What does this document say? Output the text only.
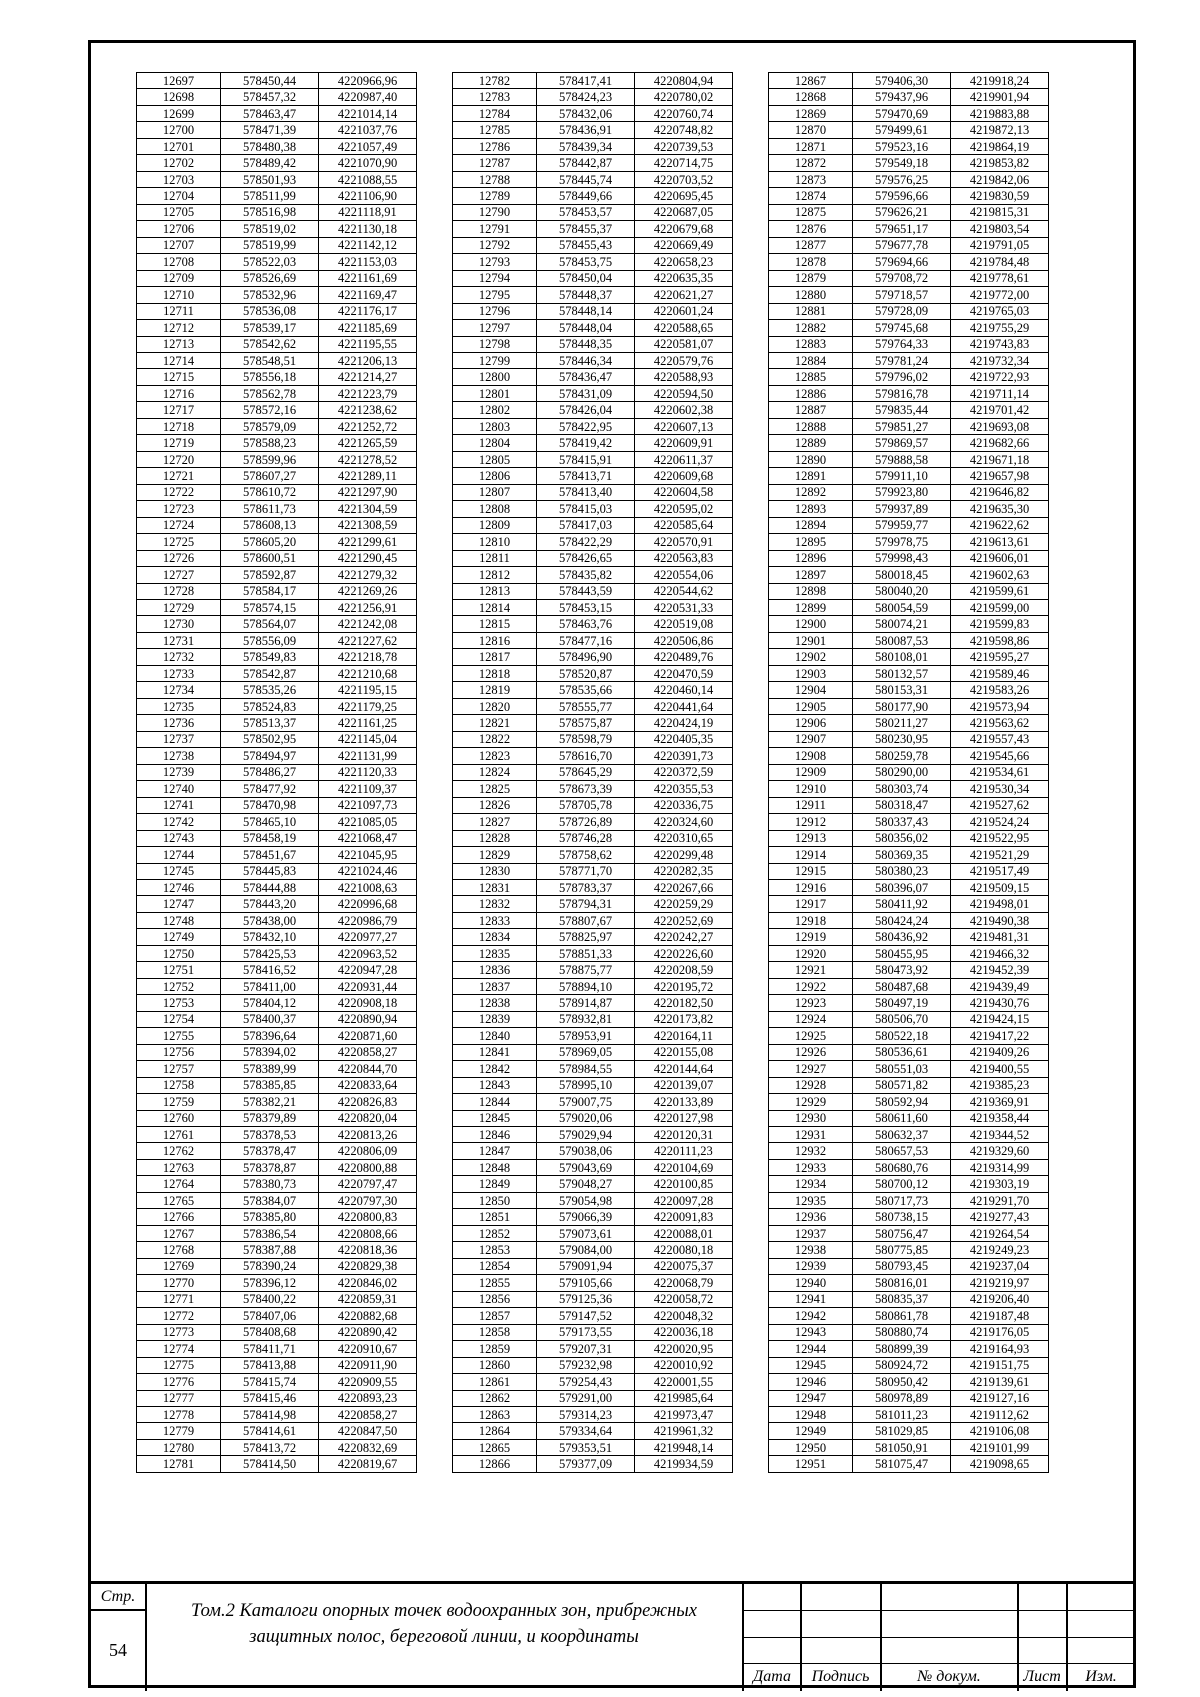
12697	578450,44	4220966,96
12698	578457,32	4220987,40
12699	578463,47	4221014,14
12700	578471,39	4221037,76
12701	578480,38	4221057,49
12702	578489,42	4221070,90
12703	578501,93	4221088,55
12704	578511,99	4221106,90
12705	578516,98	4221118,91
12706	578519,02	4221130,18
12707	578519,99	4221142,12
12708	578522,03	4221153,03
12709	578526,69	4221161,69
12710	578532,96	4221169,47
12711	578536,08	4221176,17
12712	578539,17	4221185,69
12713	578542,62	4221195,55
12714	578548,51	4221206,13
12715	578556,18	4221214,27
12716	578562,78	4221223,79
12717	578572,16	4221238,62
12718	578579,09	4221252,72
12719	578588,23	4221265,59
12720	578599,96	4221278,52
12721	578607,27	4221289,11
12722	578610,72	4221297,90
12723	578611,73	4221304,59
12724	578608,13	4221308,59
12725	578605,20	4221299,61
12726	578600,51	4221290,45
12727	578592,87	4221279,32
12728	578584,17	4221269,26
12729	578574,15	4221256,91
12730	578564,07	4221242,08
12731	578556,09	4221227,62
12732	578549,83	4221218,78
12733	578542,87	4221210,68
12734	578535,26	4221195,15
12735	578524,83	4221179,25
12736	578513,37	4221161,25
12737	578502,95	4221145,04
12738	578494,97	4221131,99
12739	578486,27	4221120,33
12740	578477,92	4221109,37
12741	578470,98	4221097,73
12742	578465,10	4221085,05
12743	578458,19	4221068,47
12744	578451,67	4221045,95
12745	578445,83	4221024,46
12746	578444,88	4221008,63
12747	578443,20	4220996,68
12748	578438,00	4220986,79
12749	578432,10	4220977,27
12750	578425,53	4220963,52
12751	578416,52	4220947,28
12752	578411,00	4220931,44
12753	578404,12	4220908,18
12754	578400,37	4220890,94
12755	578396,64	4220871,60
12756	578394,02	4220858,27
12757	578389,99	4220844,70
12758	578385,85	4220833,64
12759	578382,21	4220826,83
12760	578379,89	4220820,04
12761	578378,53	4220813,26
12762	578378,47	4220806,09
12763	578378,87	4220800,88
12764	578380,73	4220797,47
12765	578384,07	4220797,30
12766	578385,80	4220800,83
12767	578386,54	4220808,66
12768	578387,88	4220818,36
12769	578390,24	4220829,38
12770	578396,12	4220846,02
12771	578400,22	4220859,31
12772	578407,06	4220882,68
12773	578408,68	4220890,42
12774	578411,71	4220910,67
12775	578413,88	4220911,90
12776	578415,74	4220909,55
12777	578415,46	4220893,23
12778	578414,98	4220858,27
12779	578414,61	4220847,50
12780	578413,72	4220832,69
12781	578414,50	4220819,67
12782	578417,41	4220804,94
12783	578424,23	4220780,02
12784	578432,06	4220760,74
12785	578436,91	4220748,82
12786	578439,34	4220739,53
12787	578442,87	4220714,75
12788	578445,74	4220703,52
12789	578449,66	4220695,45
12790	578453,57	4220687,05
12791	578455,37	4220679,68
12792	578455,43	4220669,49
12793	578453,75	4220658,23
12794	578450,04	4220635,35
12795	578448,37	4220621,27
12796	578448,14	4220601,24
12797	578448,04	4220588,65
12798	578448,35	4220581,07
12799	578446,34	4220579,76
12800	578436,47	4220588,93
12801	578431,09	4220594,50
12802	578426,04	4220602,38
12803	578422,95	4220607,13
12804	578419,42	4220609,91
12805	578415,91	4220611,37
12806	578413,71	4220609,68
12807	578413,40	4220604,58
12808	578415,03	4220595,02
12809	578417,03	4220585,64
12810	578422,29	4220570,91
12811	578426,65	4220563,83
12812	578435,82	4220554,06
12813	578443,59	4220544,62
12814	578453,15	4220531,33
12815	578463,76	4220519,08
12816	578477,16	4220506,86
12817	578496,90	4220489,76
12818	578520,87	4220470,59
12819	578535,66	4220460,14
12820	578555,77	4220441,64
12821	578575,87	4220424,19
12822	578598,79	4220405,35
12823	578616,70	4220391,73
12824	578645,29	4220372,59
12825	578673,39	4220355,53
12826	578705,78	4220336,75
12827	578726,89	4220324,60
12828	578746,28	4220310,65
12829	578758,62	4220299,48
12830	578771,70	4220282,35
12831	578783,37	4220267,66
12832	578794,31	4220259,29
12833	578807,67	4220252,69
12834	578825,97	4220242,27
12835	578851,33	4220226,60
12836	578875,77	4220208,59
12837	578894,10	4220195,72
12838	578914,87	4220182,50
12839	578932,81	4220173,82
12840	578953,91	4220164,11
12841	578969,05	4220155,08
12842	578984,55	4220144,64
12843	578995,10	4220139,07
12844	579007,75	4220133,89
12845	579020,06	4220127,98
12846	579029,94	4220120,31
12847	579038,06	4220111,23
12848	579043,69	4220104,69
12849	579048,27	4220100,85
12850	579054,98	4220097,28
12851	579066,39	4220091,83
12852	579073,61	4220088,01
12853	579084,00	4220080,18
12854	579091,94	4220075,37
12855	579105,66	4220068,79
12856	579125,36	4220058,72
12857	579147,52	4220048,32
12858	579173,55	4220036,18
12859	579207,31	4220020,95
12860	579232,98	4220010,92
12861	579254,43	4220001,55
12862	579291,00	4219985,64
12863	579314,23	4219973,47
12864	579334,64	4219961,32
12865	579353,51	4219948,14
12866	579377,09	4219934,59
12867	579406,30	4219918,24
12868	579437,96	4219901,94
12869	579470,69	4219883,88
12870	579499,61	4219872,13
12871	579523,16	4219864,19
12872	579549,18	4219853,82
12873	579576,25	4219842,06
12874	579596,66	4219830,59
12875	579626,21	4219815,31
12876	579651,17	4219803,54
12877	579677,78	4219791,05
12878	579694,66	4219784,48
12879	579708,72	4219778,61
12880	579718,57	4219772,00
12881	579728,09	4219765,03
12882	579745,68	4219755,29
12883	579764,33	4219743,83
12884	579781,24	4219732,34
12885	579796,02	4219722,93
12886	579816,78	4219711,14
12887	579835,44	4219701,42
12888	579851,27	4219693,08
12889	579869,57	4219682,66
12890	579888,58	4219671,18
12891	579911,10	4219657,98
12892	579923,80	4219646,82
12893	579937,89	4219635,30
12894	579959,77	4219622,62
12895	579978,75	4219613,61
12896	579998,43	4219606,01
12897	580018,45	4219602,63
12898	580040,20	4219599,61
12899	580054,59	4219599,00
12900	580074,21	4219599,83
12901	580087,53	4219598,86
12902	580108,01	4219595,27
12903	580132,57	4219589,46
12904	580153,31	4219583,26
12905	580177,90	4219573,94
12906	580211,27	4219563,62
12907	580230,95	4219557,43
12908	580259,78	4219545,66
12909	580290,00	4219534,61
12910	580303,74	4219530,34
12911	580318,47	4219527,62
12912	580337,43	4219524,24
12913	580356,02	4219522,95
12914	580369,35	4219521,29
12915	580380,23	4219517,49
12916	580396,07	4219509,15
12917	580411,92	4219498,01
12918	580424,24	4219490,38
12919	580436,92	4219481,31
12920	580455,95	4219466,32
12921	580473,92	4219452,39
12922	580487,68	4219439,49
12923	580497,19	4219430,76
12924	580506,70	4219424,15
12925	580522,18	4219417,22
12926	580536,61	4219409,26
12927	580551,03	4219400,55
12928	580571,82	4219385,23
12929	580592,94	4219369,91
12930	580611,60	4219358,44
12931	580632,37	4219344,52
12932	580657,53	4219329,60
12933	580680,76	4219314,99
12934	580700,12	4219303,19
12935	580717,73	4219291,70
12936	580738,15	4219277,43
12937	580756,47	4219264,54
12938	580775,85	4219249,23
12939	580793,45	4219237,04
12940	580816,01	4219219,97
12941	580835,37	4219206,40
12942	580861,78	4219187,48
12943	580880,74	4219176,05
12944	580899,39	4219164,93
12945	580924,72	4219151,75
12946	580950,42	4219139,61
12947	580978,89	4219127,16
12948	581011,23	4219112,62
12949	581029,85	4219106,08
12950	581050,91	4219101,99
12951	581075,47	4219098,65
Стр.
54
Том.2 Каталоги опорных точек водоохранных зон, прибрежных
защитных полос, береговой линии, и координаты
Дата	Подпись	№ докум.	Лист	Изм.
